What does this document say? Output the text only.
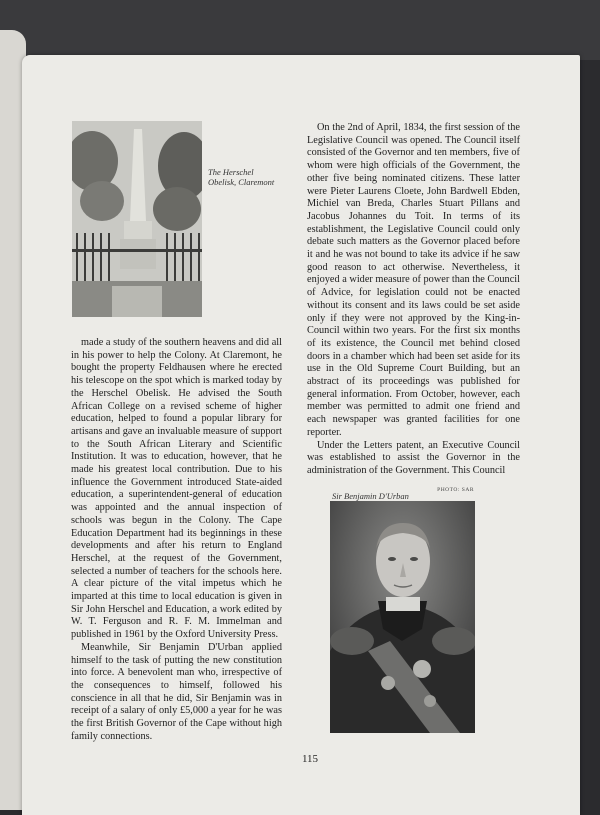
The Herschel
Obelisk, Claremont

made a study of the southern heavens and did all in his power to help the Colony. At Claremont, he bought the property Feldhausen where he erected his telescope on the spot which is marked today by the Herschel Obelisk. He advised the South African College on a revised scheme of higher education, helped to found a popular library for artisans and gave an invaluable measure of support to the South African Literary and Scientific Institution. It was to education, however, that he made his greatest local contribution. Due to his influence the Government introduced State-aided education, a superintendent-general of education was appointed and the annual inspection of schools was begun in the Colony. The Cape Education Department had its beginnings in these developments and after his return to England Herschel, at the request of the Government, selected a number of teachers for the schools here. A clear picture of the vital impetus which he imparted at this time to local education is given in Sir John Herschel and Education, a work edited by W. T. Ferguson and R. F. M. Immelman and published in 1961 by the Oxford University Press.

Meanwhile, Sir Benjamin D'Urban applied himself to the task of putting the new constitution into force. A benevolent man who, irrespective of the consequences to himself, followed his conscience in all that he did, Sir Benjamin was in receipt of a salary of only £5,000 a year for he was the first British Governor of the Cape without high family connections.

On the 2nd of April, 1834, the first session of the Legislative Council was opened. The Council itself consisted of the Governor and ten members, five of whom were high officials of the Government, the other five being nominated citizens. These latter were Pieter Laurens Cloete, John Bardwell Ebden, Michiel van Breda, Charles Stuart Pillans and Jacobus Johannes du Toit. In terms of its establishment, the Legislative Council could only debate such matters as the Governor placed before it and he was not bound to take its advice if he saw good reason to act otherwise. Nevertheless, it enjoyed a wider measure of power than the Council of Advice, for legislation could not be enacted without its consent and its laws could be set aside only if they were not approved by the King-in-Council within two years. For the first six months of its existence, the Council met behind closed doors in a chamber which had been set aside for its use in the Old Supreme Court Building, but an abstract of its proceedings was published for general information. From October, however, each member was permitted to admit one friend and each newspaper was granted facilities for one reporter.

Under the Letters patent, an Executive Council was established to assist the Governor in the administration of the Government. This Council

Sir Benjamin D'Urban
PHOTO: SAR
115
